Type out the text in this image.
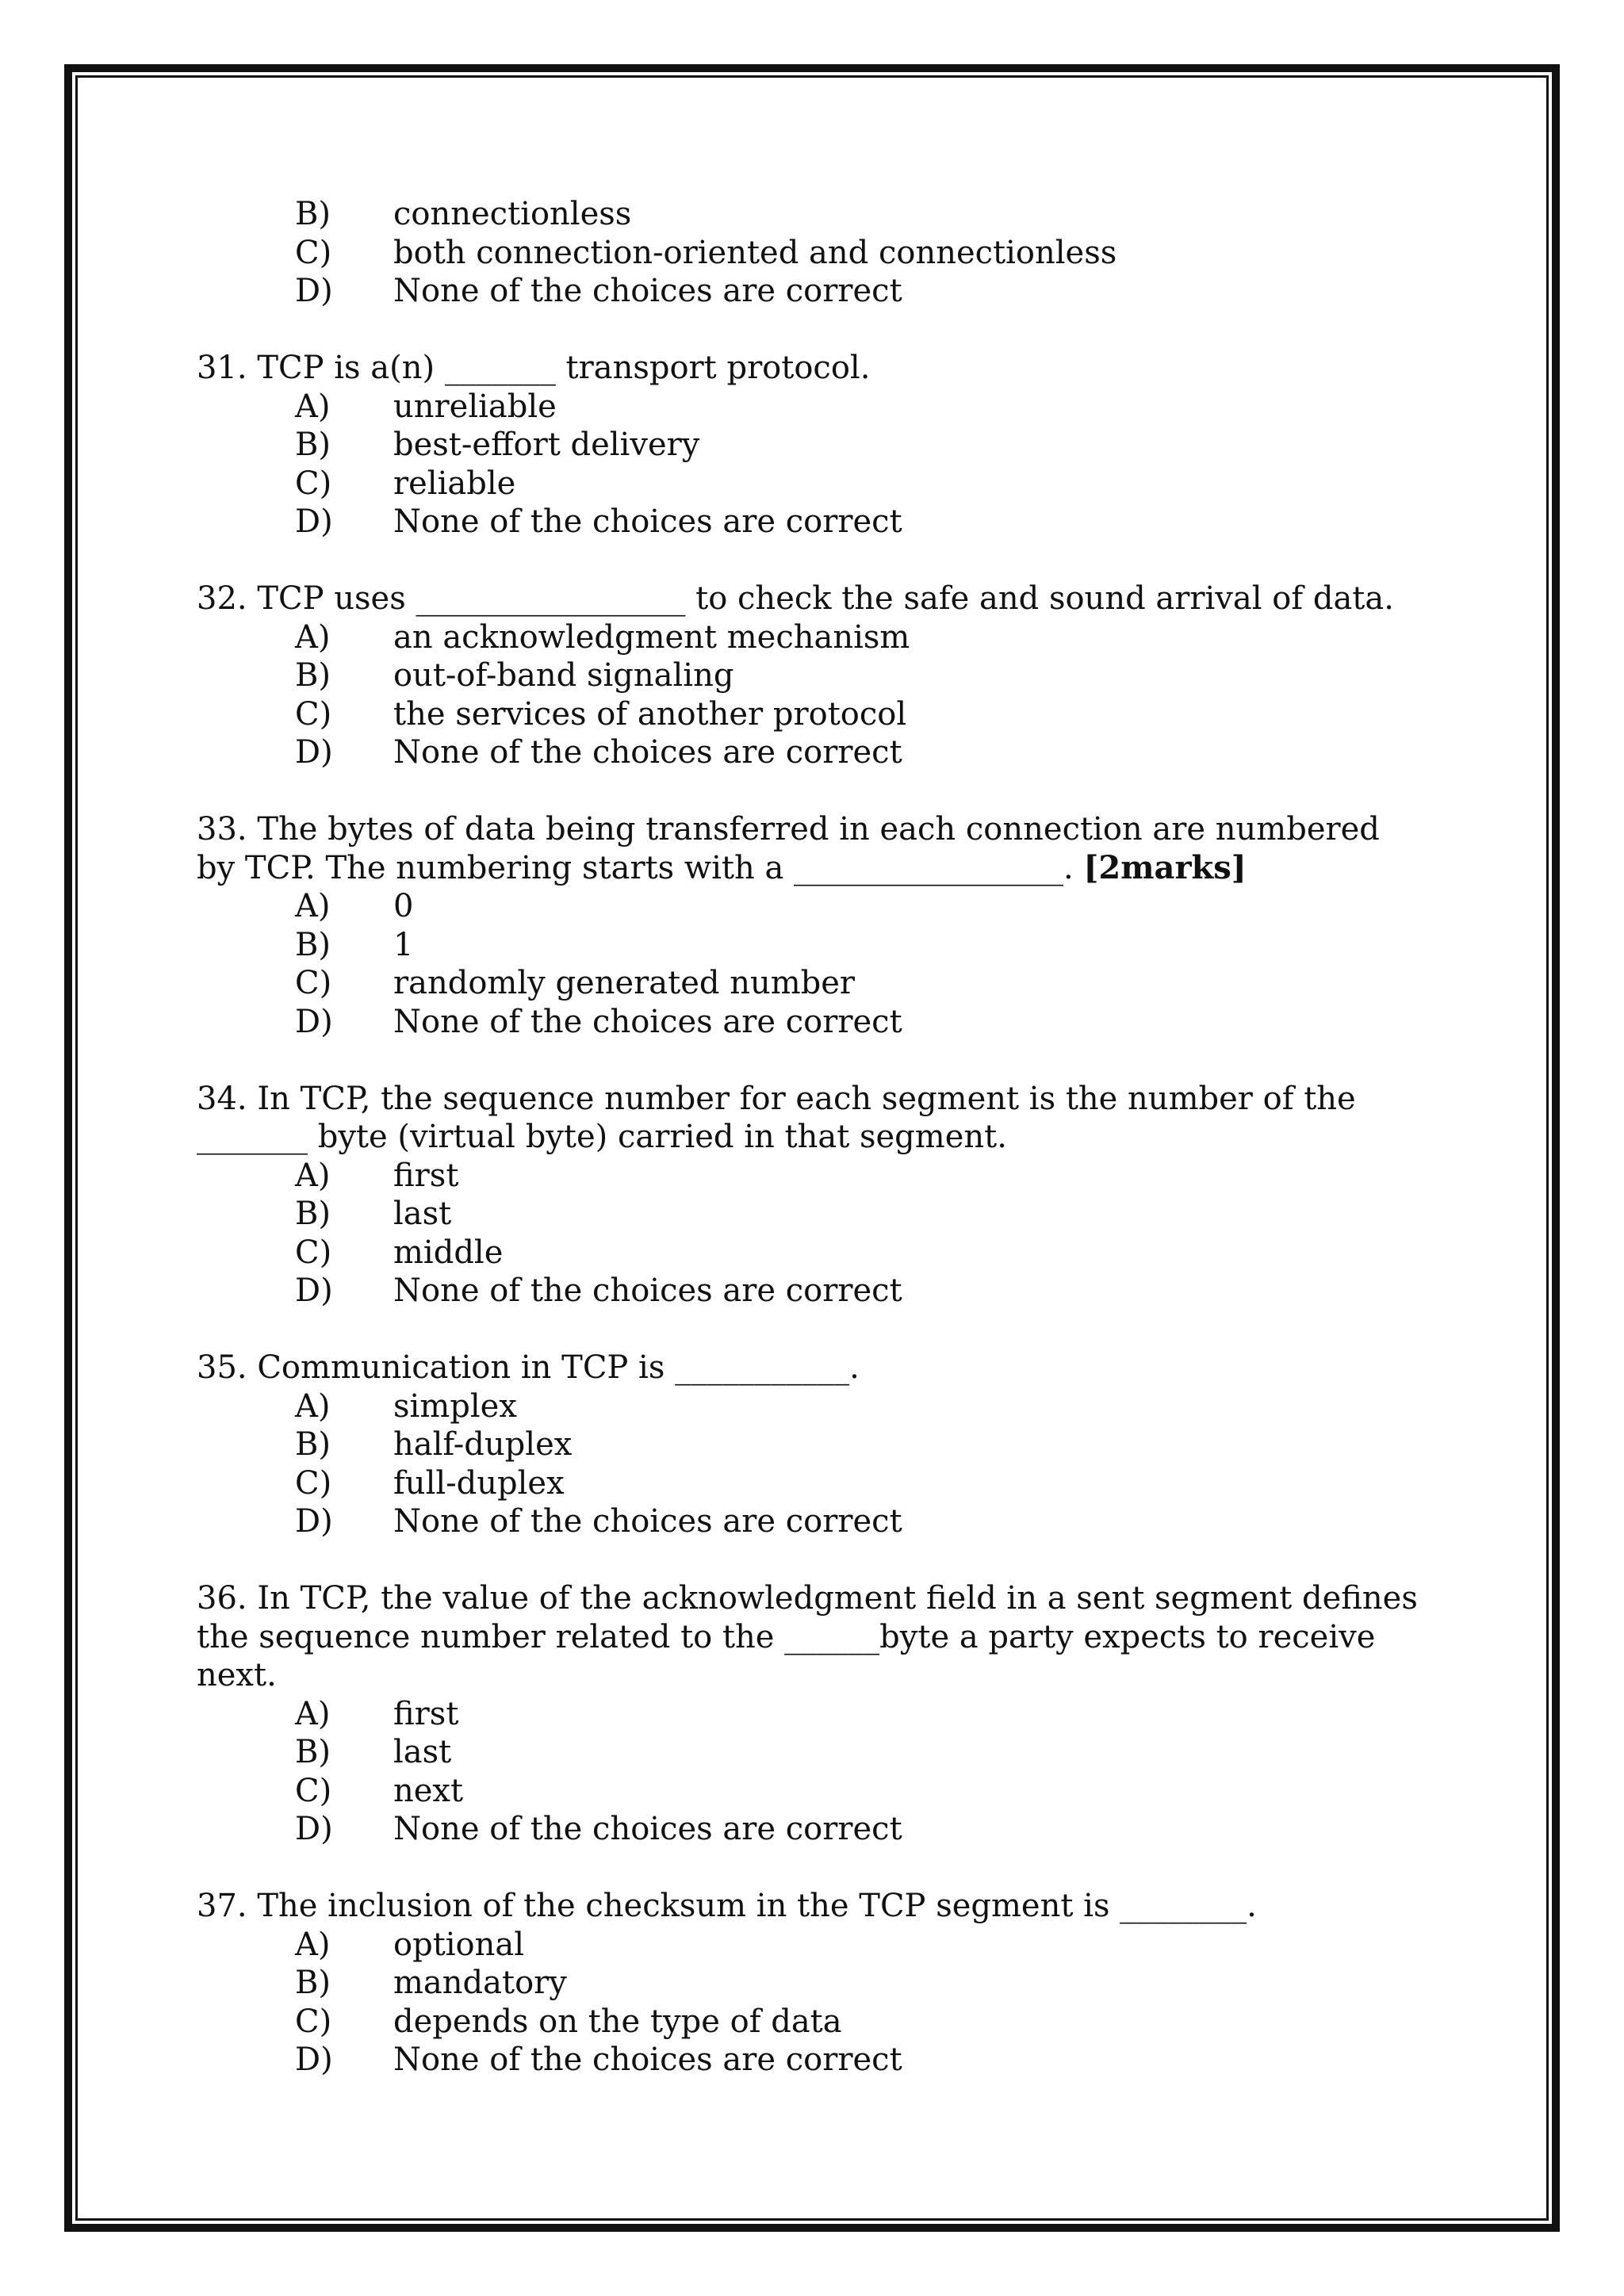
B) connectionless
C) both connection-oriented and connectionless
D) None of the choices are correct

31. TCP is a(n) _______ transport protocol.

A) unreliable
B) best-effort delivery
C) reliable
D) None of the choices are correct

32. TCP uses _________________ to check the safe and sound arrival of data.

A) an acknowledgment mechanism
B) out-of-band signaling
C) the services of another protocol
D) None of the choices are correct

33. The bytes of data being transferred in each connection are numbered by TCP. The numbering starts with a _________________. [2marks]

A) 0
B) 1
C) randomly generated number
D) None of the choices are correct

34. In TCP, the sequence number for each segment is the number of the _______ byte (virtual byte) carried in that segment.

A) first
B) last
C) middle
D) None of the choices are correct

35. Communication in TCP is ___________.

A) simplex
B) half-duplex
C) full-duplex
D) None of the choices are correct

36. In TCP, the value of the acknowledgment field in a sent segment defines the sequence number related to the ______byte a party expects to receive next.

A) first
B) last
C) next
D) None of the choices are correct

37. The inclusion of the checksum in the TCP segment is ________.

A) optional
B) mandatory
C) depends on the type of data
D) None of the choices are correct
